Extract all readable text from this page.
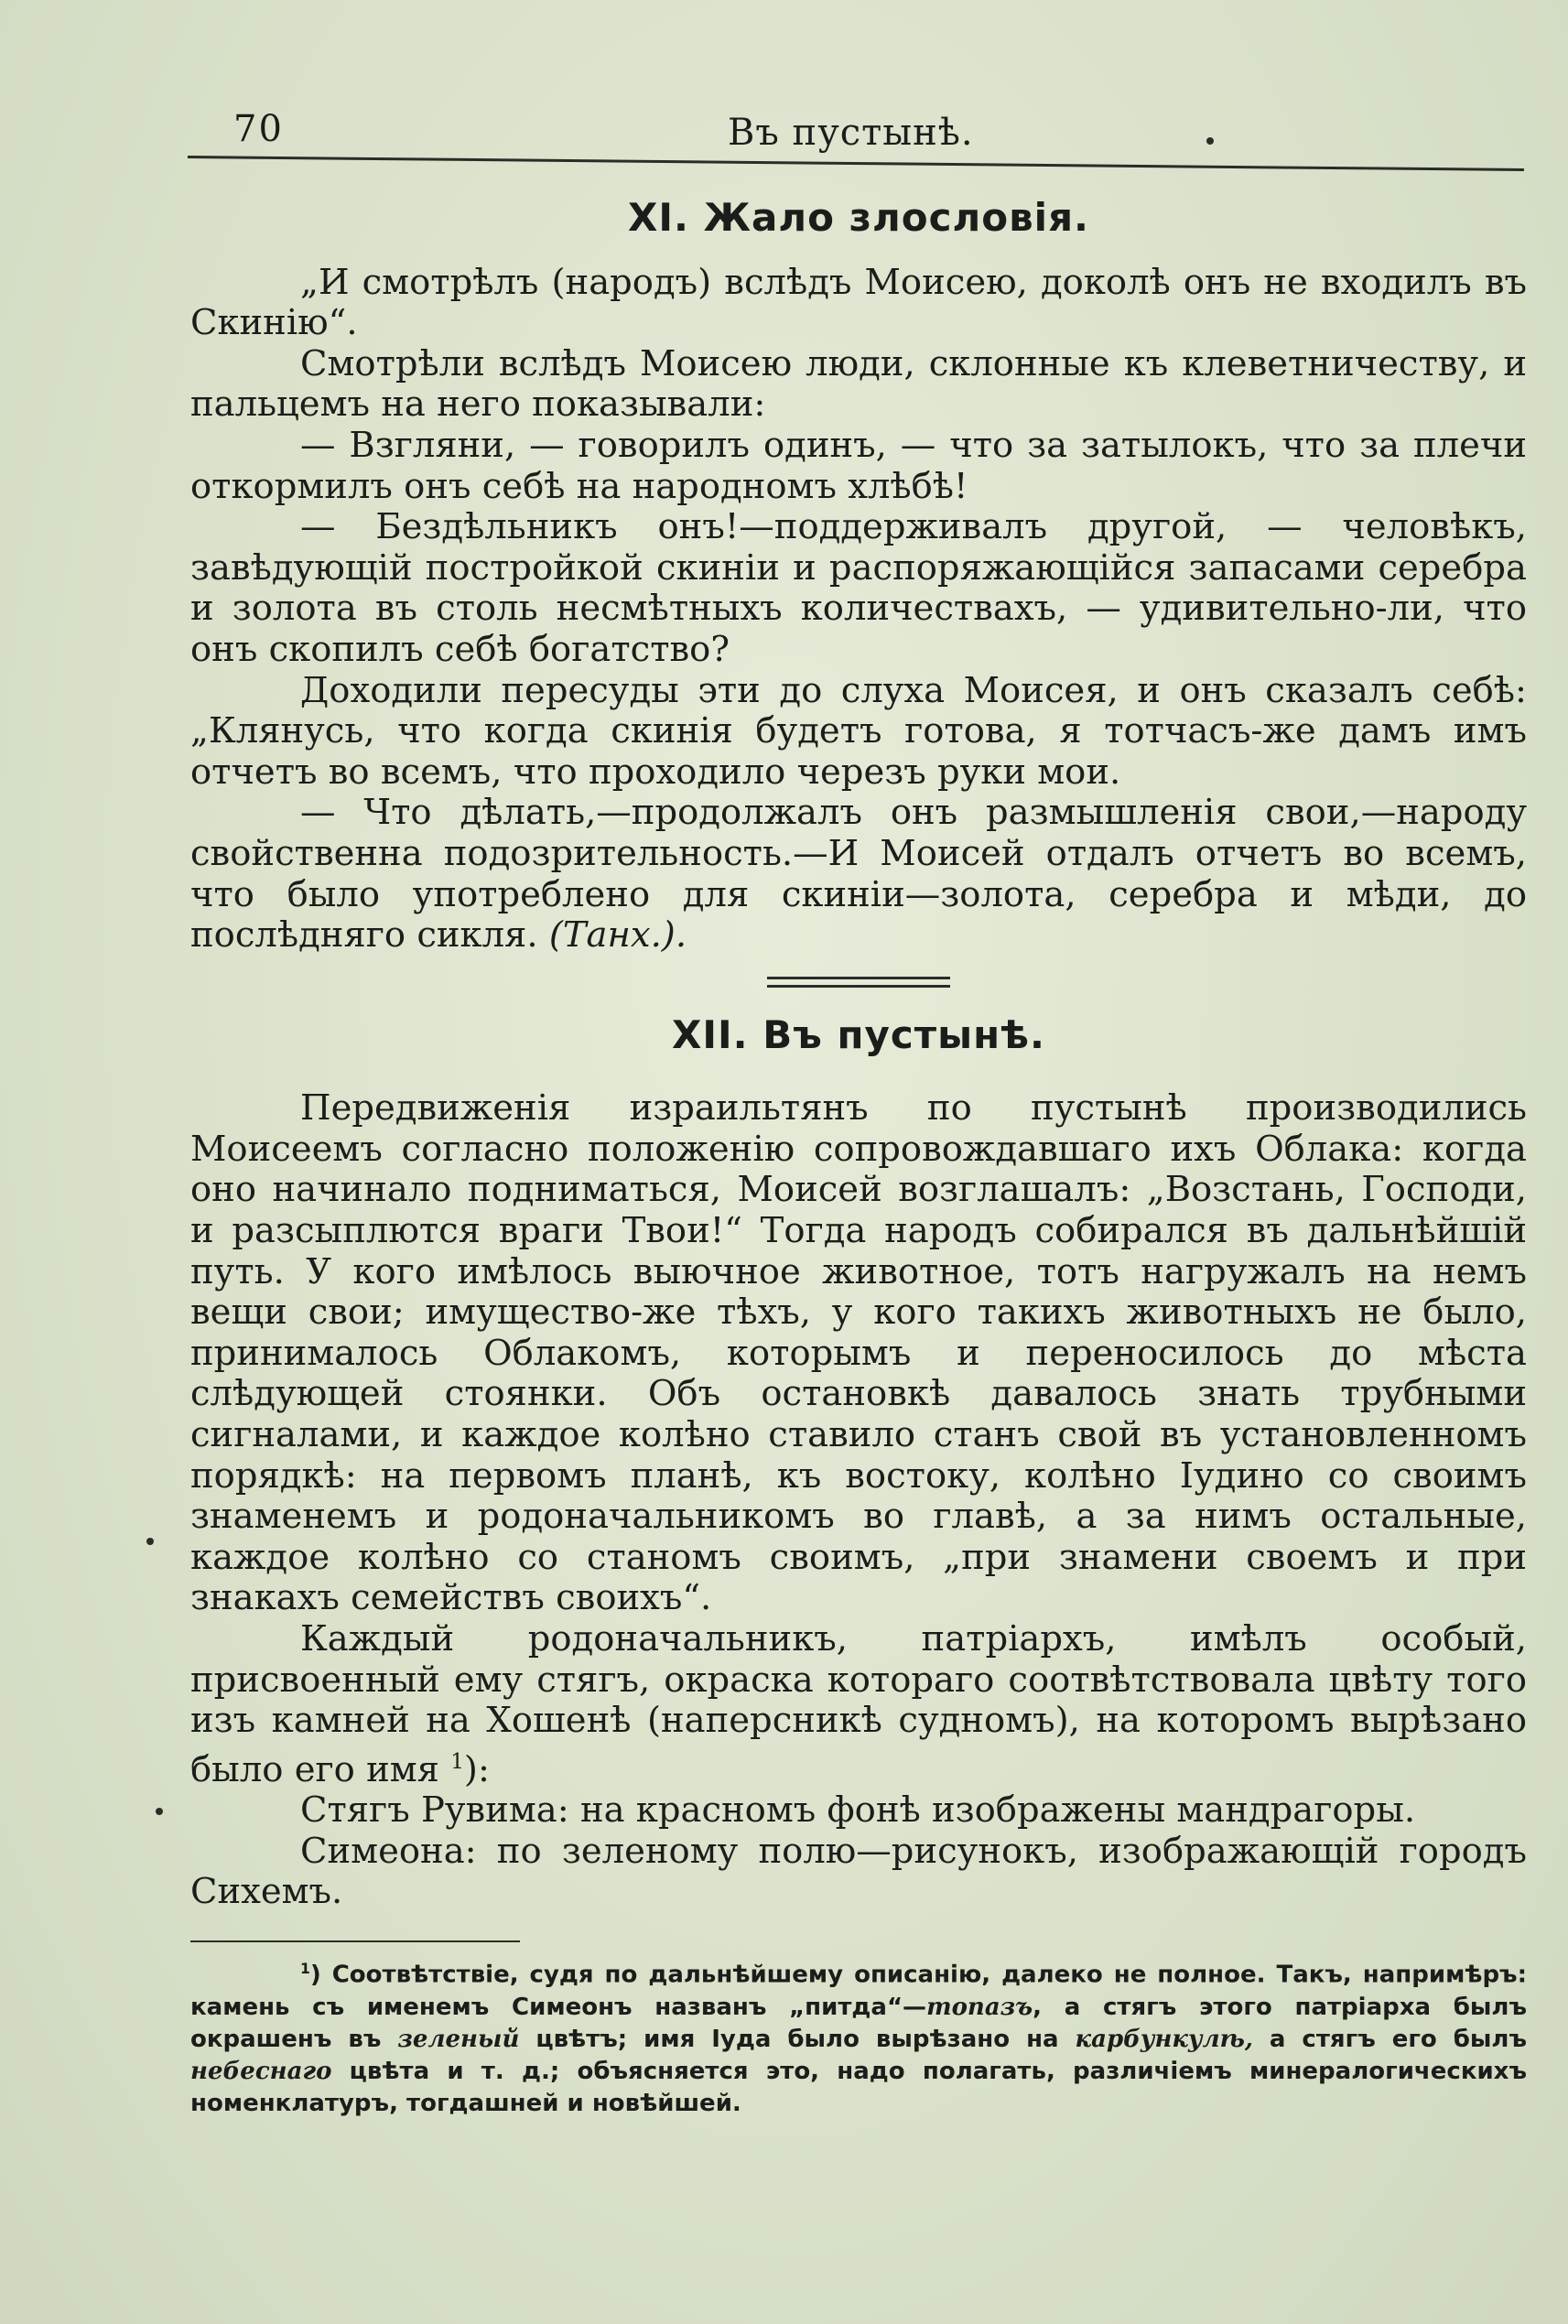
70	Въ пустынѣ.
XI. Жало злословія.

„И смотрѣлъ (народъ) вслѣдъ Моисею, доколѣ онъ не входилъ въ Скинію“.

Смотрѣли вслѣдъ Моисею люди, склонные къ клеветничеству, и пальцемъ на него показывали:

— Взгляни, — говорилъ одинъ, — что за затылокъ, что за плечи откормилъ онъ себѣ на народномъ хлѣбѣ!

— Бездѣльникъ онъ!—поддерживалъ другой, — человѣкъ, завѣдующій постройкой скиніи и распоряжающійся запасами серебра и золота въ столь несмѣтныхъ количествахъ, — удивительно-ли, что онъ скопилъ себѣ богатство?

Доходили пересуды эти до слуха Моисея, и онъ сказалъ себѣ: „Клянусь, что когда скинія будетъ готова, я тотчасъ-же дамъ имъ отчетъ во всемъ, что проходило черезъ руки мои.

— Что дѣлать,—продолжалъ онъ размышленія свои,—народу свойственна подозрительность.—И Моисей отдалъ отчетъ во всемъ, что было употреблено для скиніи—золота, серебра и мѣди, до послѣдняго сикля. (Танх.).

XII. Въ пустынѣ.

Передвиженія израильтянъ по пустынѣ производились Моисеемъ согласно положенію сопровождавшаго ихъ Облака: когда оно начинало подниматься, Моисей возглашалъ: „Возстань, Господи, и разсыплются враги Твои!“ Тогда народъ собирался въ дальнѣйшій путь. У кого имѣлось выючное животное, тотъ нагружалъ на немъ вещи свои; имущество-же тѣхъ, у кого такихъ животныхъ не было, принималось Облакомъ, которымъ и переносилось до мѣста слѣдующей стоянки. Объ остановкѣ давалось знать трубными сигналами, и каждое колѣно ставило станъ свой въ установленномъ порядкѣ: на первомъ планѣ, къ востоку, колѣно Іудино со своимъ знаменемъ и родоначальникомъ во главѣ, а за нимъ остальные, каждое колѣно со станомъ своимъ, „при знамени своемъ и при знакахъ семействъ своихъ“.

Каждый родоначальникъ, патріархъ, имѣлъ особый, присвоенный ему стягъ, окраска котораго соотвѣтствовала цвѣту того изъ камней на Хошенѣ (наперсникѣ судномъ), на которомъ вырѣзано было его имя $^1$):

Стягъ Рувима: на красномъ фонѣ изображены мандрагоры.

Симеона: по зеленому полю—рисунокъ, изображающій городъ Сихемъ.

$^1$) Соотвѣтствіе, судя по дальнѣйшему описанію, далеко не полное. Такъ, напримѣръ: камень съ именемъ Симеонъ названъ „питда“—топазъ, а стягъ этого патріарха былъ окрашенъ въ зеленый цвѣтъ; имя Іуда было вырѣзано на карбункулѣ, а стягъ его былъ небеснаго цвѣта и т. д.; объясняется это, надо полагать, различіемъ минералогическихъ номенклатуръ, тогдашней и новѣйшей.
